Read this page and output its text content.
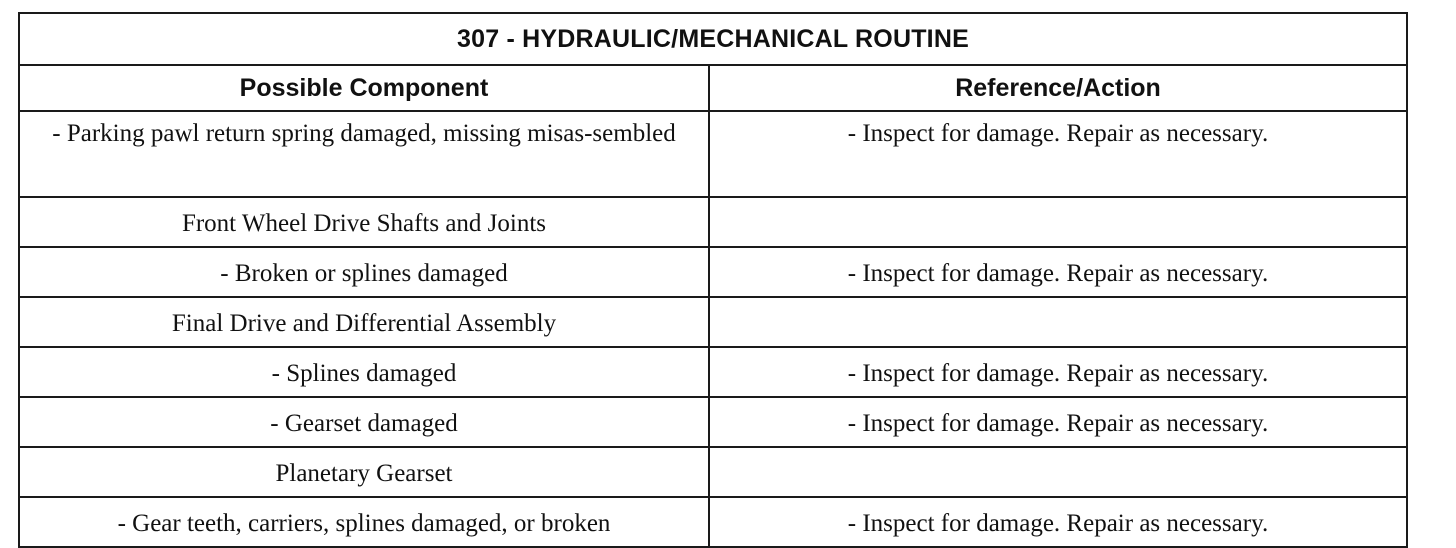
307 - HYDRAULIC/MECHANICAL ROUTINE	
Possible Component	Reference/Action

- Parking pawl return spring damaged, missing misas-sembled	- Inspect for damage. Repair as necessary.

Front Wheel Drive Shafts and Joints	

- Broken or splines damaged	- Inspect for damage. Repair as necessary.

Final Drive and Differential Assembly	

- Splines damaged	- Inspect for damage. Repair as necessary.

- Gearset damaged	- Inspect for damage. Repair as necessary.

Planetary Gearset	

- Gear teeth, carriers, splines damaged, or broken	- Inspect for damage. Repair as necessary.
